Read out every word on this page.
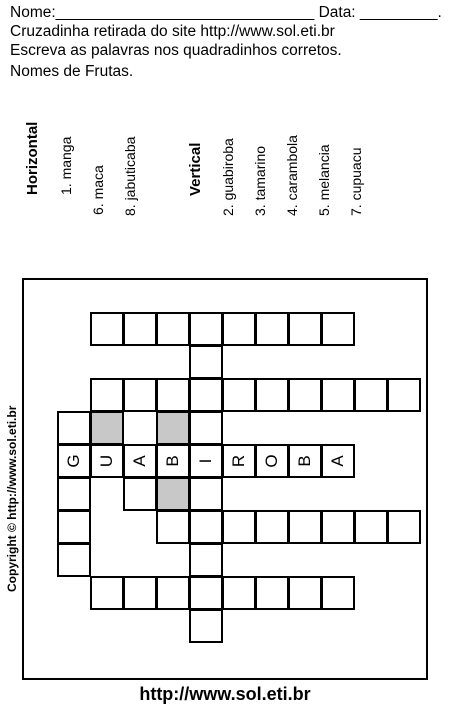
Nome:______________________________ Data: _________.
Cruzadinha retirada do site http://www.sol.eti.br
Escreva as palavras nos quadradinhos corretos.
Nomes de Frutas.
Horizontal 1. manga 6. maca 8. jabuticaba	Vertical 2. guabiroba 3. tamarino 4. carambola 5. melancia 7. cupuacu
Copyright © http://www.sol.eti.br	G U A B I R O B A
http://www.sol.eti.br
